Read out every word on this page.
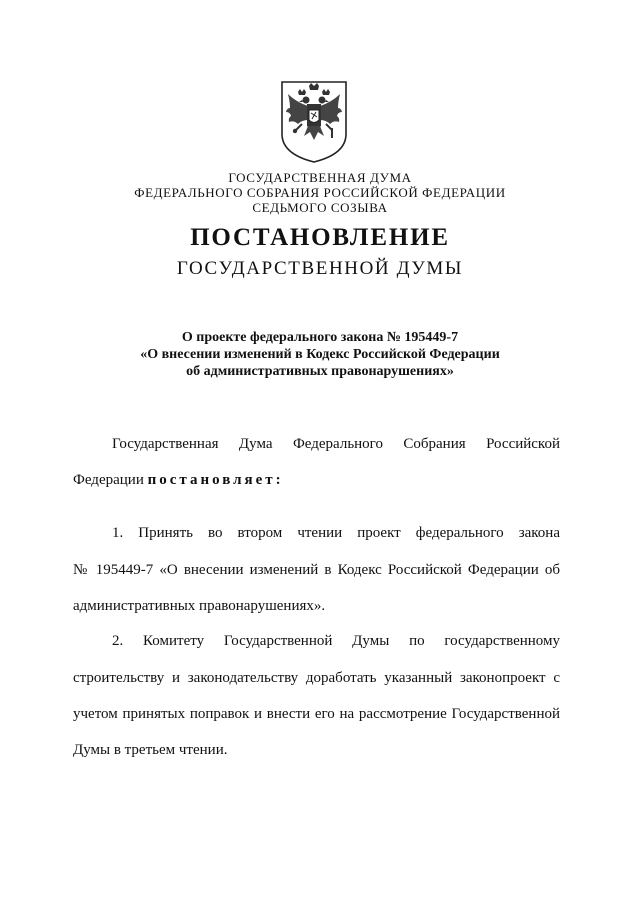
ГОСУДАРСТВЕННАЯ ДУМА
ФЕДЕРАЛЬНОГО СОБРАНИЯ РОССИЙСКОЙ ФЕДЕРАЦИИ
СЕДЬМОГО СОЗЫВА
ПОСТАНОВЛЕНИЕ
ГОСУДАРСТВЕННОЙ ДУМЫ
О проекте федерального закона № 195449-7
«О внесении изменений в Кодекс Российской Федерации
об административных правонарушениях»
Государственная Дума Федерального Собрания Российской
Федерации постановляет:
1. Принять во втором чтении проект федерального закона
№ 195449-7 «О внесении изменений в Кодекс Российской Федерации об
административных правонарушениях».
2. Комитету Государственной Думы по государственному
строительству и законодательству доработать указанный законопроект с
учетом принятых поправок и внести его на рассмотрение Государственной
Думы в третьем чтении.
